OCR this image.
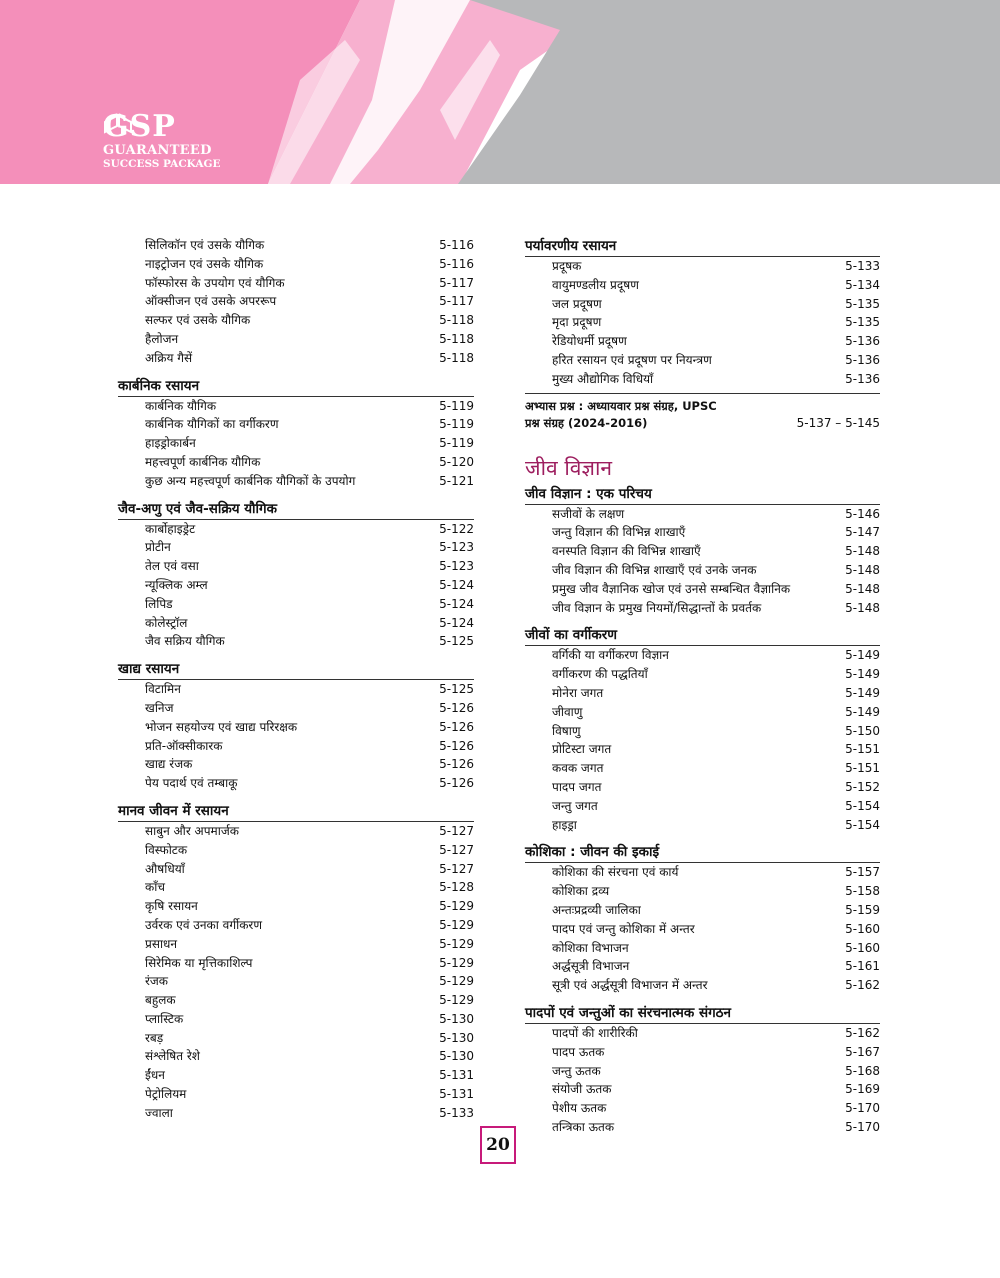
GSP
GUARANTEED
SUCCESS PACKAGE
सिलिकॉन एवं उसके यौगिक	5-116
नाइट्रोजन एवं उसके यौगिक	5-116
फॉस्फोरस के उपयोग एवं यौगिक	5-117
ऑक्सीजन एवं उसके अपररूप	5-117
सल्फर एवं उसके यौगिक	5-118
हैलोजन	5-118
अक्रिय गैसें	5-118
कार्बनिक रसायन
कार्बनिक यौगिक	5-119
कार्बनिक यौगिकों का वर्गीकरण	5-119
हाइड्रोकार्बन	5-119
महत्त्वपूर्ण कार्बनिक यौगिक	5-120
कुछ अन्य महत्त्वपूर्ण कार्बनिक यौगिकों के उपयोग	5-121
जैव-अणु एवं जैव-सक्रिय यौगिक
कार्बोहाइड्रेट	5-122
प्रोटीन	5-123
तेल एवं वसा	5-123
न्यूक्लिक अम्ल	5-124
लिपिड	5-124
कोलेस्ट्रॉल	5-124
जैव सक्रिय यौगिक	5-125
खाद्य रसायन
विटामिन	5-125
खनिज	5-126
भोजन सहयोज्य एवं खाद्य परिरक्षक	5-126
प्रति-ऑक्सीकारक	5-126
खाद्य रंजक	5-126
पेय पदार्थ एवं तम्बाकू	5-126
मानव जीवन में रसायन
साबुन और अपमार्जक	5-127
विस्फोटक	5-127
औषधियाँ	5-127
काँच	5-128
कृषि रसायन	5-129
उर्वरक एवं उनका वर्गीकरण	5-129
प्रसाधन	5-129
सिरेमिक या मृत्तिकाशिल्प	5-129
रंजक	5-129
बहुलक	5-129
प्लास्टिक	5-130
रबड़	5-130
संश्लेषित रेशे	5-130
ईंधन	5-131
पेट्रोलियम	5-131
ज्वाला	5-133
पर्यावरणीय रसायन
प्रदूषक	5-133
वायुमण्डलीय प्रदूषण	5-134
जल प्रदूषण	5-135
मृदा प्रदूषण	5-135
रेडियोधर्मी प्रदूषण	5-136
हरित रसायन एवं प्रदूषण पर नियन्त्रण	5-136
मुख्य औद्योगिक विधियाँ	5-136
अभ्यास प्रश्न : अध्यायवार प्रश्न संग्रह, UPSC
प्रश्न संग्रह (2024-2016)	5-137 – 5-145
जीव विज्ञान
जीव विज्ञान : एक परिचय
सजीवों के लक्षण	5-146
जन्तु विज्ञान की विभिन्न शाखाएँ	5-147
वनस्पति विज्ञान की विभिन्न शाखाएँ	5-148
जीव विज्ञान की विभिन्न शाखाएँ एवं उनके जनक	5-148
प्रमुख जीव वैज्ञानिक खोज एवं उनसे सम्बन्धित वैज्ञानिक	5-148
जीव विज्ञान के प्रमुख नियमों/सिद्धान्तों के प्रवर्तक	5-148
जीवों का वर्गीकरण
वर्गिकी या वर्गीकरण विज्ञान	5-149
वर्गीकरण की पद्धतियाँ	5-149
मोनेरा जगत	5-149
जीवाणु	5-149
विषाणु	5-150
प्रोटिस्टा जगत	5-151
कवक जगत	5-151
पादप जगत	5-152
जन्तु जगत	5-154
हाइड्रा	5-154
कोशिका : जीवन की इकाई
कोशिका की संरचना एवं कार्य	5-157
कोशिका द्रव्य	5-158
अन्तःप्रद्रव्यी जालिका	5-159
पादप एवं जन्तु कोशिका में अन्तर	5-160
कोशिका विभाजन	5-160
अर्द्धसूत्री विभाजन	5-161
सूत्री एवं अर्द्धसूत्री विभाजन में अन्तर	5-162
पादपों एवं जन्तुओं का संरचनात्मक संगठन
पादपों की शारीरिकी	5-162
पादप ऊतक	5-167
जन्तु ऊतक	5-168
संयोजी ऊतक	5-169
पेशीय ऊतक	5-170
तन्त्रिका ऊतक	5-170
20
